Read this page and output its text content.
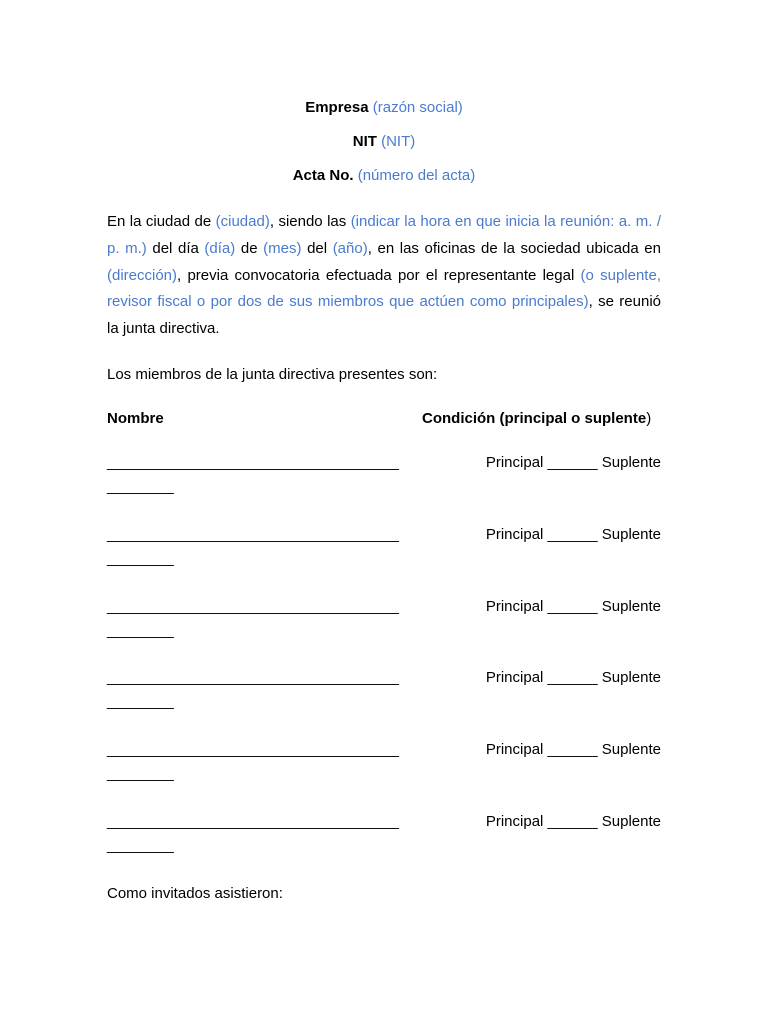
Empresa (razón social)
NIT (NIT)
Acta No. (número del acta)

En la ciudad de (ciudad), siendo las (indicar la hora en que inicia la reunión: a. m. / p. m.) del día (día) de (mes) del (año), en las oficinas de la sociedad ubicada en (dirección), previa convocatoria efectuada por el representante legal (o suplente, revisor fiscal o por dos de sus miembros que actúen como principales), se reunió la junta directiva.

Los miembros de la junta directiva presentes son:
Nombre	Condición (principal o suplente)
___________________________________	Principal ______ Suplente
________
___________________________________	Principal ______ Suplente
________
___________________________________	Principal ______ Suplente
________
___________________________________	Principal ______ Suplente
________
___________________________________	Principal ______ Suplente
________
___________________________________	Principal ______ Suplente
________
Como invitados asistieron:
